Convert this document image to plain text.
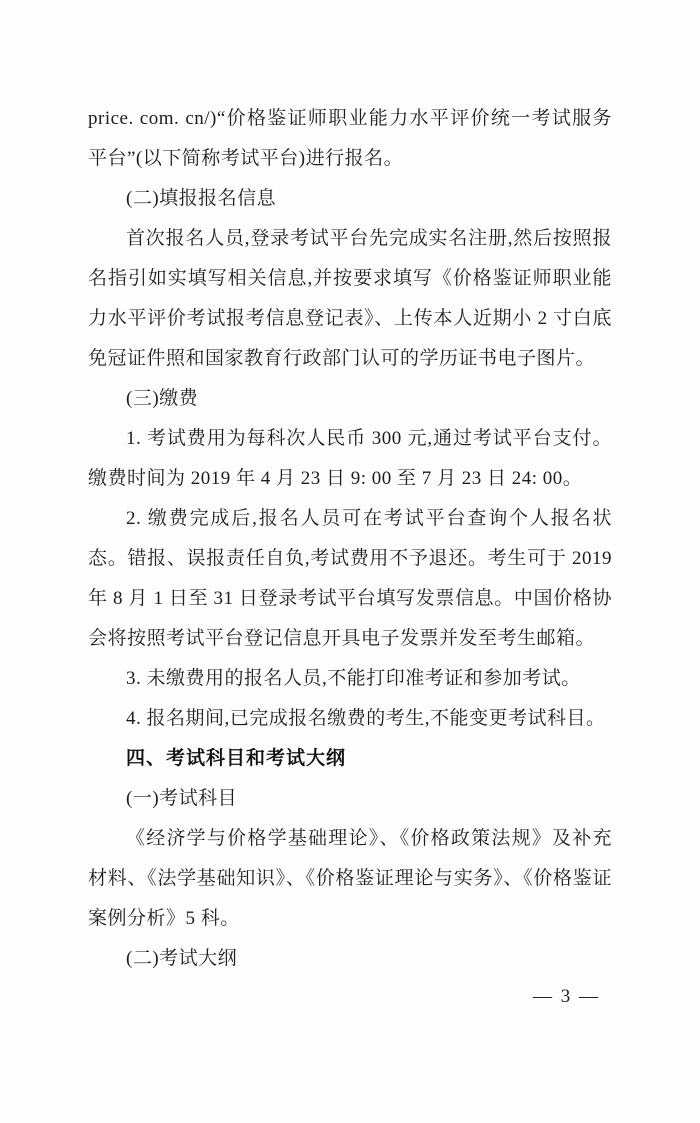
price. com. cn/)“价格鉴证师职业能力水平评价统一考试服务平台”(以下简称考试平台)进行报名。

(二)填报报名信息

首次报名人员,登录考试平台先完成实名注册,然后按照报名指引如实填写相关信息,并按要求填写《价格鉴证师职业能力水平评价考试报考信息登记表》、上传本人近期小 2 寸白底免冠证件照和国家教育行政部门认可的学历证书电子图片。

(三)缴费

1. 考试费用为每科次人民币 300 元,通过考试平台支付。缴费时间为 2019 年 4 月 23 日 9: 00 至 7 月 23 日 24: 00。

2. 缴费完成后,报名人员可在考试平台查询个人报名状态。错报、误报责任自负,考试费用不予退还。考生可于 2019 年 8 月 1 日至 31 日登录考试平台填写发票信息。中国价格协会将按照考试平台登记信息开具电子发票并发至考生邮箱。

3. 未缴费用的报名人员,不能打印准考证和参加考试。

4. 报名期间,已完成报名缴费的考生,不能变更考试科目。

四、考试科目和考试大纲

(一)考试科目

《经济学与价格学基础理论》、《价格政策法规》及补充材料、《法学基础知识》、《价格鉴证理论与实务》、《价格鉴证案例分析》5 科。

(二)考试大纲

— 3 —
